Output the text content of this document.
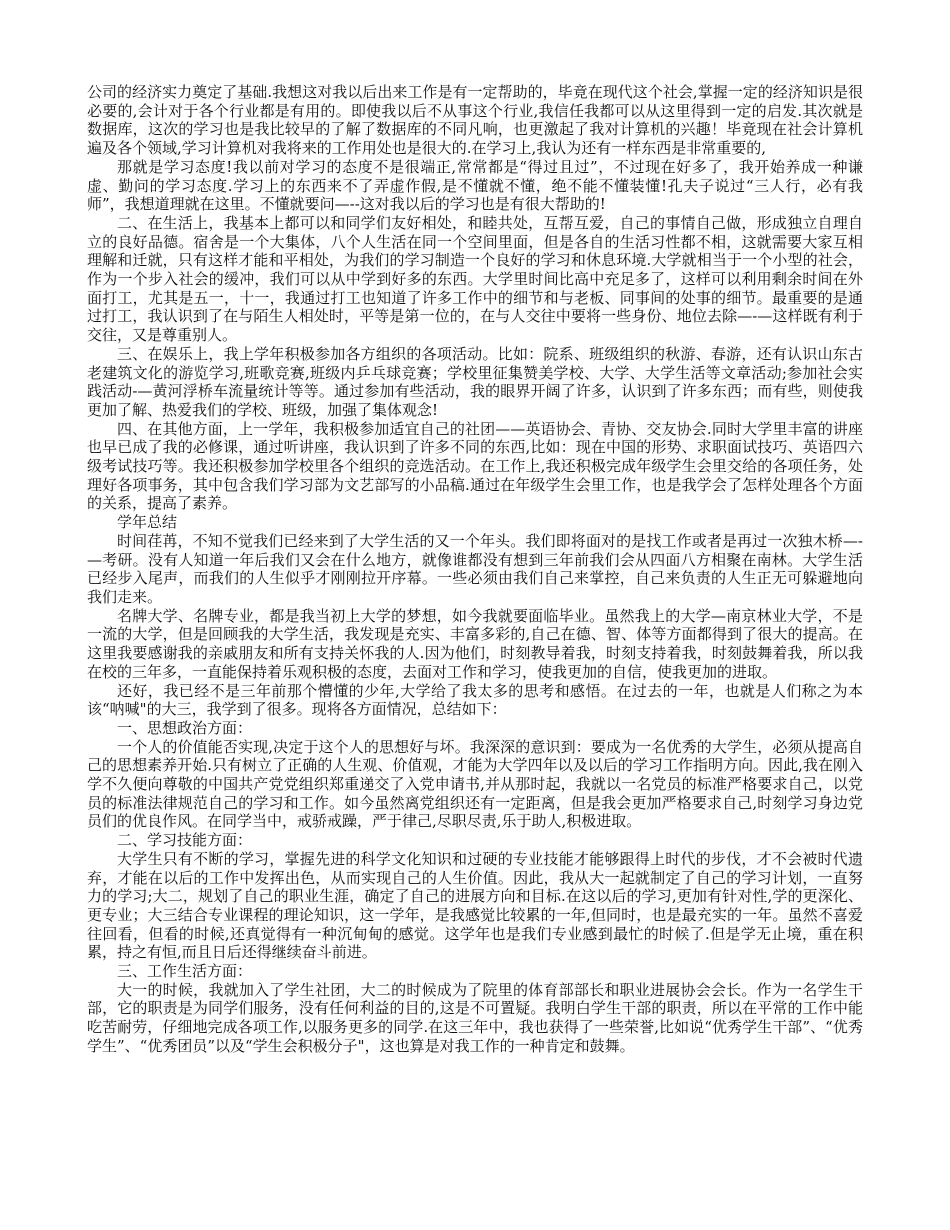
公司的经济实力奠定了基础.我想这对我以后出来工作是有一定帮助的，毕竟在现代这个社会,掌握一定的经济知识是很必要的,会计对于各个行业都是有用的。即使我以后不从事这个行业,我信任我都可以从这里得到一定的启发.其次就是数据库，这次的学习也是我比较早的了解了数据库的不同凡响，也更激起了我对计算机的兴趣！毕竟现在社会计算机遍及各个领域,学习计算机对我将来的工作用处也是很大的.在学习上,我认为还有一样东西是非常重要的,

那就是学习态度!我以前对学习的态度不是很端正,常常都是“得过且过”，不过现在好多了，我开始养成一种谦虚、勤问的学习态度.学习上的东西来不了弄虚作假,是不懂就不懂，绝不能不懂装懂!孔夫子说过“三人行，必有我师”，我想道理就在这里。不懂就要问—--这对我以后的学习也是有很大帮助的!

二、在生活上，我基本上都可以和同学们友好相处，和睦共处，互帮互爱，自己的事情自己做，形成独立自理自立的良好品德。宿舍是一个大集体，八个人生活在同一个空间里面，但是各自的生活习性都不相，这就需要大家互相理解和迁就，只有这样才能和平相处，为我们的学习制造一个良好的学习和休息环境.大学就相当于一个小型的社会，作为一个步入社会的缓冲，我们可以从中学到好多的东西。大学里时间比高中充足多了，这样可以利用剩余时间在外面打工，尤其是五一，十一，我通过打工也知道了许多工作中的细节和与老板、同事间的处事的细节。最重要的是通过打工，我认识到了在与陌生人相处时，平等是第一位的，在与人交往中要将一些身份、地位去除—-—这样既有利于交往，又是尊重别人。

三、在娱乐上，我上学年积极参加各方组织的各项活动。比如：院系、班级组织的秋游、春游，还有认识山东古老建筑文化的游览学习,班歌竞赛,班级内乒乓球竞赛；学校里征集赞美学校、大学、大学生活等文章活动;参加社会实践活动-—黄河浮桥车流量统计等等。通过参加有些活动，我的眼界开阔了许多，认识到了许多东西；而有些，则使我更加了解、热爱我们的学校、班级，加强了集体观念!

四、在其他方面，上一学年，我积极参加适宜自己的社团——英语协会、青协、交友协会.同时大学里丰富的讲座也早已成了我的必修课，通过听讲座，我认识到了许多不同的东西,比如：现在中国的形势、求职面试技巧、英语四六级考试技巧等。我还积极参加学校里各个组织的竞选活动。在工作上,我还积极完成年级学生会里交给的各项任务，处理好各项事务，其中包含我们学习部为文艺部写的小品稿.通过在年级学生会里工作，也是我学会了怎样处理各个方面的关系，提高了素养。

学年总结

时间荏苒，不知不觉我们已经来到了大学生活的又一个年头。我们即将面对的是找工作或者是再过一次独木桥—-—考研。没有人知道一年后我们又会在什么地方，就像谁都没有想到三年前我们会从四面八方相聚在南林。大学生活已经步入尾声，而我们的人生似乎才刚刚拉开序幕。一些必须由我们自己来掌控，自己来负责的人生正无可躲避地向我们走来。

名牌大学、名牌专业，都是我当初上大学的梦想，如今我就要面临毕业。虽然我上的大学—南京林业大学，不是一流的大学，但是回顾我的大学生活，我发现是充实、丰富多彩的,自己在德、智、体等方面都得到了很大的提高。在这里我要感谢我的亲戚朋友和所有支持关怀我的人.因为他们，时刻教导着我，时刻支持着我，时刻鼓舞着我，所以我在校的三年多，一直能保持着乐观积极的态度，去面对工作和学习，使我更加的自信，使我更加的进取。

还好，我已经不是三年前那个懵懂的少年,大学给了我太多的思考和感悟。在过去的一年，也就是人们称之为本该“呐喊"的大三，我学到了很多。现将各方面情况，总结如下：

一、思想政治方面：

一个人的价值能否实现,决定于这个人的思想好与坏。我深深的意识到：要成为一名优秀的大学生，必须从提高自己的思想素养开始.只有树立了正确的人生观、价值观，才能为大学四年以及以后的学习工作指明方向。因此,我在刚入学不久便向尊敬的中国共产党党组织郑重递交了入党申请书,并从那时起，我就以一名党员的标准严格要求自己，以党员的标准法律规范自己的学习和工作。如今虽然离党组织还有一定距离，但是我会更加严格要求自己,时刻学习身边党员们的优良作风。在同学当中，戒骄戒躁，严于律己,尽职尽责,乐于助人,积极进取。

二、学习技能方面：

大学生只有不断的学习，掌握先进的科学文化知识和过硬的专业技能才能够跟得上时代的步伐，才不会被时代遗弃，才能在以后的工作中发挥出色，从而实现自己的人生价值。因此，我从大一起就制定了自己的学习计划，一直努力的学习;大二，规划了自己的职业生涯，确定了自己的进展方向和目标.在这以后的学习,更加有针对性,学的更深化、更专业；大三结合专业课程的理论知识，这一学年，是我感觉比较累的一年,但同时，也是最充实的一年。虽然不喜爱往回看，但看的时候,还真觉得有一种沉甸甸的感觉。这学年也是我们专业感到最忙的时候了.但是学无止境，重在积累，持之有恒,而且日后还得继续奋斗前进。

三、工作生活方面：

大一的时候，我就加入了学生社团，大二的时候成为了院里的体育部部长和职业进展协会会长。作为一名学生干部，它的职责是为同学们服务，没有任何利益的目的,这是不可置疑。我明白学生干部的职责，所以在平常的工作中能吃苦耐劳，仔细地完成各项工作,以服务更多的同学.在这三年中，我也获得了一些荣誉,比如说“优秀学生干部”、“优秀学生”、“优秀团员”以及“学生会积极分子"，这也算是对我工作的一种肯定和鼓舞。
